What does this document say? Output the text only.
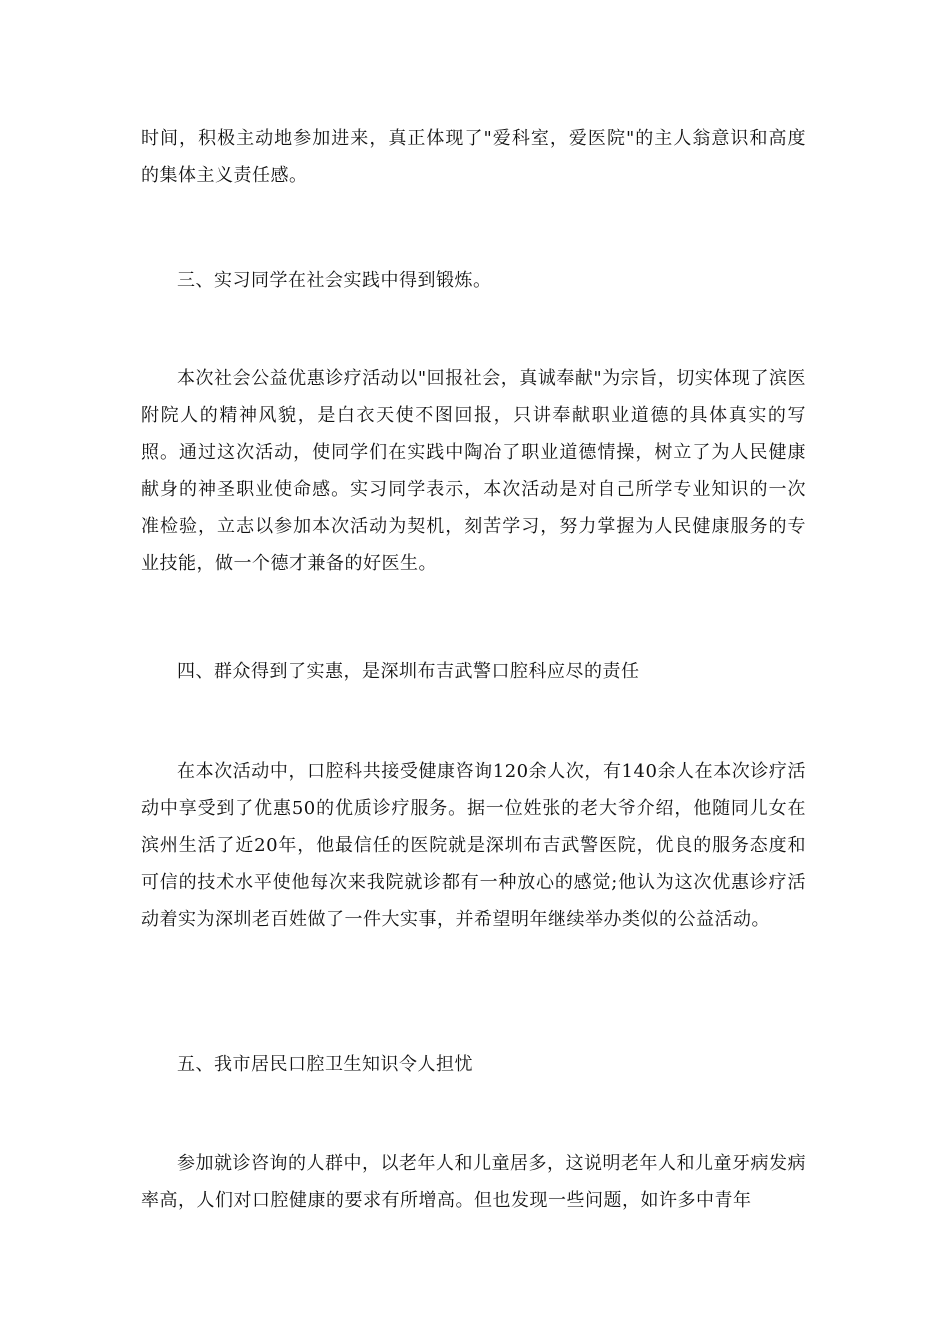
时间，积极主动地参加进来，真正体现了"爱科室，爱医院"的主人翁意识和高度的集体主义责任感。

三、实习同学在社会实践中得到锻炼。

本次社会公益优惠诊疗活动以"回报社会，真诚奉献"为宗旨，切实体现了滨医附院人的精神风貌，是白衣天使不图回报，只讲奉献职业道德的具体真实的写照。通过这次活动，使同学们在实践中陶冶了职业道德情操，树立了为人民健康献身的神圣职业使命感。实习同学表示，本次活动是对自己所学专业知识的一次准检验，立志以参加本次活动为契机，刻苦学习，努力掌握为人民健康服务的专业技能，做一个德才兼备的好医生。

四、群众得到了实惠，是深圳布吉武警口腔科应尽的责任

在本次活动中，口腔科共接受健康咨询120余人次，有140余人在本次诊疗活动中享受到了优惠50的优质诊疗服务。据一位姓张的老大爷介绍，他随同儿女在滨州生活了近20年，他最信任的医院就是深圳布吉武警医院，优良的服务态度和可信的技术水平使他每次来我院就诊都有一种放心的感觉;他认为这次优惠诊疗活动着实为深圳老百姓做了一件大实事，并希望明年继续举办类似的公益活动。

五、我市居民口腔卫生知识令人担忧

参加就诊咨询的人群中，以老年人和儿童居多，这说明老年人和儿童牙病发病率高，人们对口腔健康的要求有所增高。但也发现一些问题，如许多中青年
